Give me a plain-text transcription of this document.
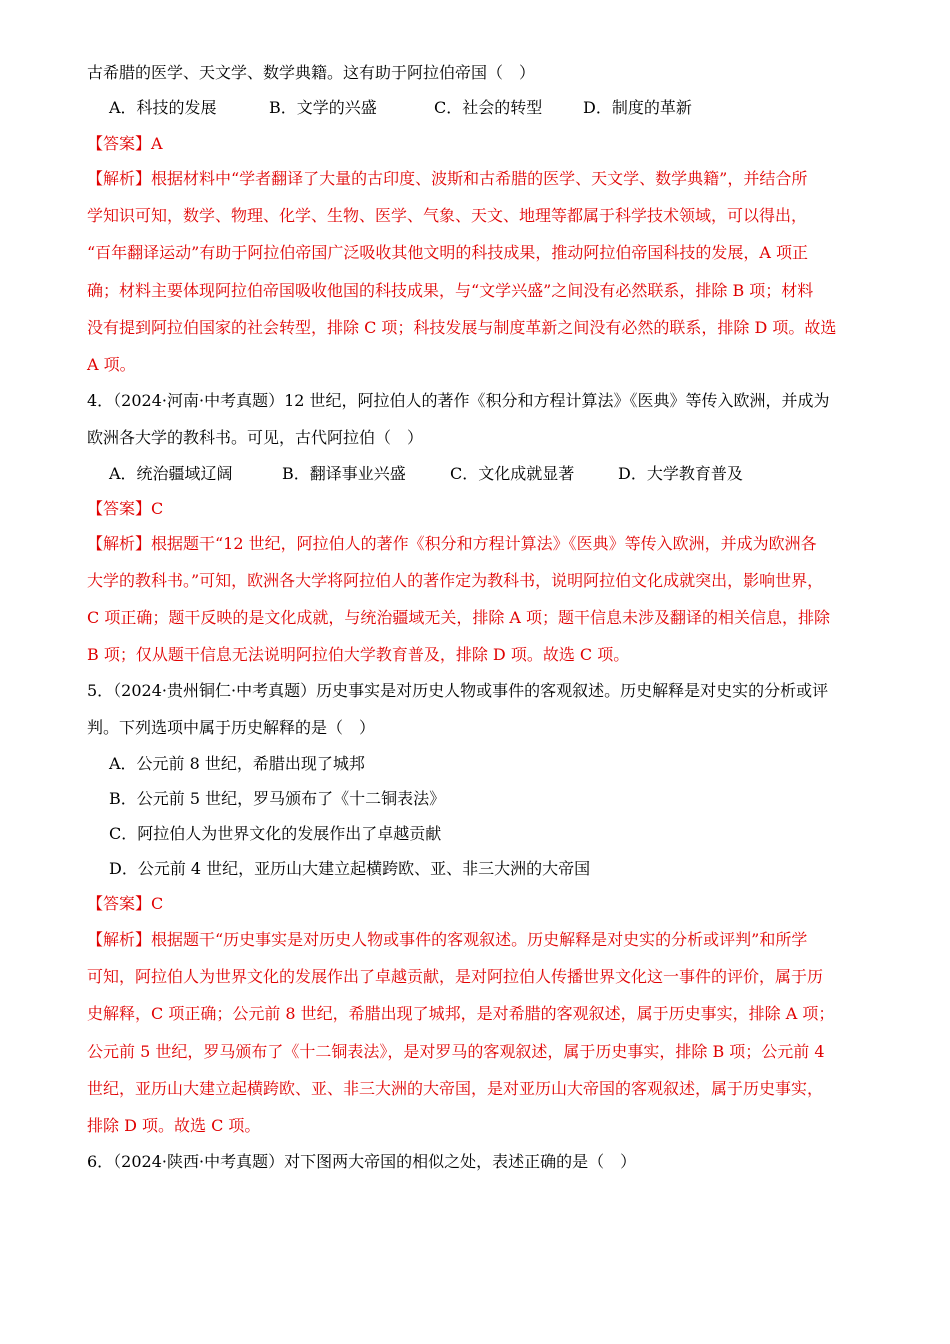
古希腊的医学、天文学、数学典籍。这有助于阿拉伯帝国（　）
A．科技的发展	B．文学的兴盛	C．社会的转型	D．制度的革新
【答案】A
【解析】根据材料中“学者翻译了大量的古印度、波斯和古希腊的医学、天文学、数学典籍”，并结合所
学知识可知，数学、物理、化学、生物、医学、气象、天文、地理等都属于科学技术领域，可以得出，
“百年翻译运动”有助于阿拉伯帝国广泛吸收其他文明的科技成果，推动阿拉伯帝国科技的发展，A 项正
确；材料主要体现阿拉伯帝国吸收他国的科技成果，与“文学兴盛”之间没有必然联系，排除 B 项；材料
没有提到阿拉伯国家的社会转型，排除 C 项；科技发展与制度革新之间没有必然的联系，排除 D 项。故选
A 项。
4．（2024·河南·中考真题）12 世纪，阿拉伯人的著作《积分和方程计算法》《医典》等传入欧洲，并成为
欧洲各大学的教科书。可见，古代阿拉伯（　）
A．统治疆域辽阔	B．翻译事业兴盛	C．文化成就显著	D．大学教育普及
【答案】C
【解析】根据题干“12 世纪，阿拉伯人的著作《积分和方程计算法》《医典》等传入欧洲，并成为欧洲各
大学的教科书。”可知，欧洲各大学将阿拉伯人的著作定为教科书，说明阿拉伯文化成就突出，影响世界，
C 项正确；题干反映的是文化成就，与统治疆域无关，排除 A 项；题干信息未涉及翻译的相关信息，排除
B 项；仅从题干信息无法说明阿拉伯大学教育普及，排除 D 项。故选 C 项。
5．（2024·贵州铜仁·中考真题）历史事实是对历史人物或事件的客观叙述。历史解释是对史实的分析或评
判。下列选项中属于历史解释的是（　）
A．公元前 8 世纪，希腊出现了城邦
B．公元前 5 世纪，罗马颁布了《十二铜表法》
C．阿拉伯人为世界文化的发展作出了卓越贡献
D．公元前 4 世纪，亚历山大建立起横跨欧、亚、非三大洲的大帝国
【答案】C
【解析】根据题干“历史事实是对历史人物或事件的客观叙述。历史解释是对史实的分析或评判”和所学
可知，阿拉伯人为世界文化的发展作出了卓越贡献，是对阿拉伯人传播世界文化这一事件的评价，属于历
史解释，C 项正确；公元前 8 世纪，希腊出现了城邦，是对希腊的客观叙述，属于历史事实，排除 A 项；
公元前 5 世纪，罗马颁布了《十二铜表法》，是对罗马的客观叙述，属于历史事实，排除 B 项；公元前 4
世纪，亚历山大建立起横跨欧、亚、非三大洲的大帝国，是对亚历山大帝国的客观叙述，属于历史事实，
排除 D 项。故选 C 项。
6．（2024·陕西·中考真题）对下图两大帝国的相似之处，表述正确的是（　）
